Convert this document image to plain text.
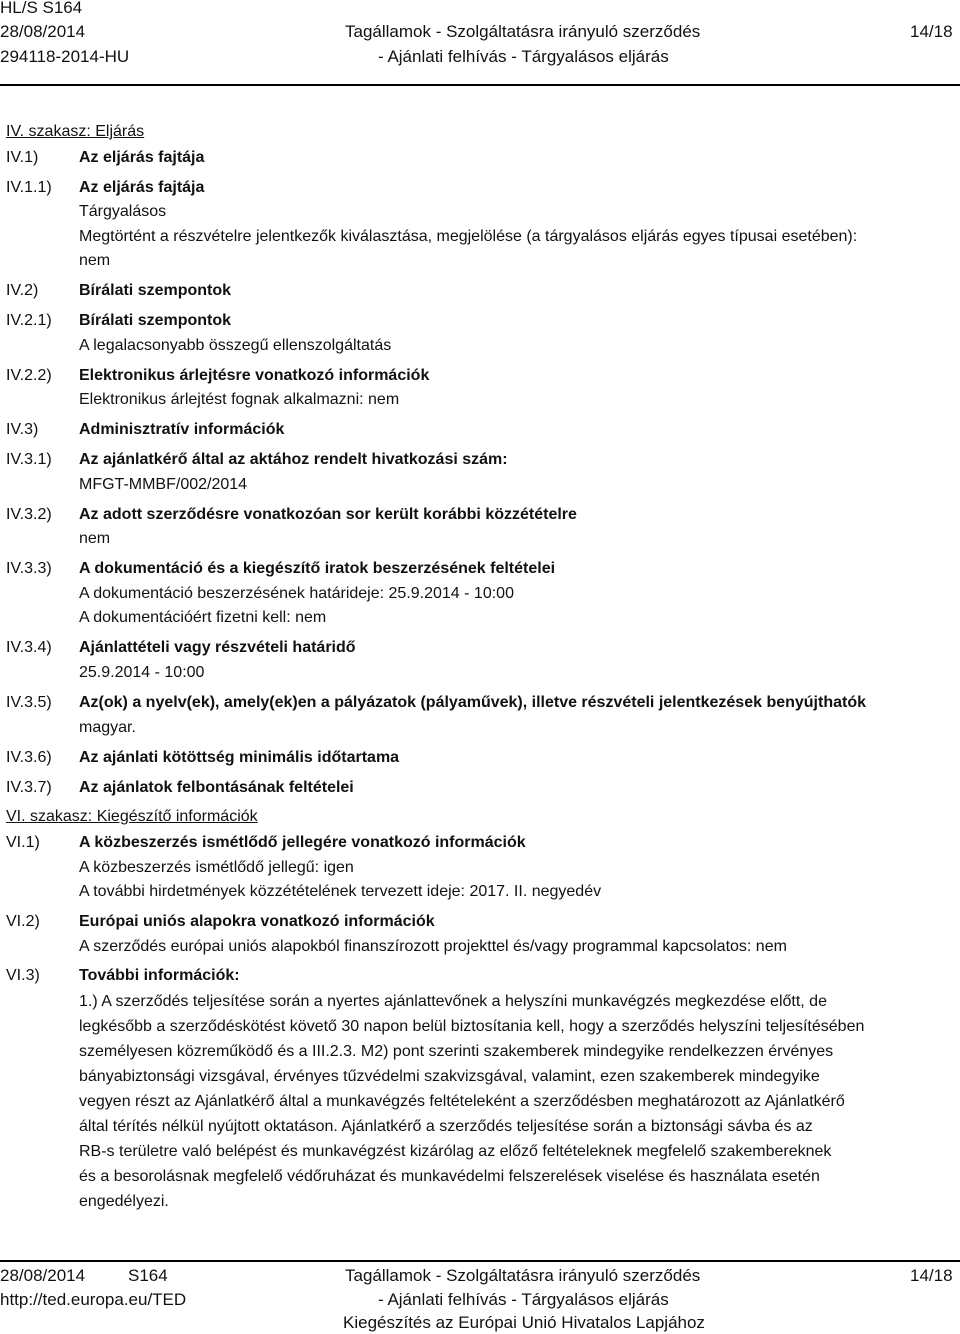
HL/S S164
28/08/2014
294118-2014-HU
Tagállamok - Szolgáltatásra irányuló szerződés
- Ajánlati felhívás - Tárgyalásos eljárás
14/18
IV. szakasz: Eljárás
IV.1)	Az eljárás fajtája
IV.1.1) Az eljárás fajtája
Tárgyalásos
Megtörtént a részvételre jelentkezők kiválasztása, megjelölése (a tárgyalásos eljárás egyes típusai esetében):
nem
IV.2)	Bírálati szempontok
IV.2.1) Bírálati szempontok
A legalacsonyabb összegű ellenszolgáltatás
IV.2.2) Elektronikus árlejtésre vonatkozó információk
Elektronikus árlejtést fognak alkalmazni: nem
IV.3)	Adminisztratív információk
IV.3.1) Az ajánlatkérő által az aktához rendelt hivatkozási szám:
MFGT-MMBF/002/2014
IV.3.2) Az adott szerződésre vonatkozóan sor került korábbi közzétételre
nem
IV.3.3) A dokumentáció és a kiegészítő iratok beszerzésének feltételei
A dokumentáció beszerzésének határideje: 25.9.2014 - 10:00
A dokumentációért fizetni kell: nem
IV.3.4) Ajánlattételi vagy részvételi határidő
25.9.2014 - 10:00
IV.3.5) Az(ok) a nyelv(ek), amely(ek)en a pályázatok (pályaművek), illetve részvételi jelentkezések benyújthatók
magyar.
IV.3.6) Az ajánlati kötöttség minimális időtartama
IV.3.7) Az ajánlatok felbontásának feltételei
VI. szakasz: Kiegészítő információk
VI.1) A közbeszerzés ismétlődő jellegére vonatkozó információk
A közbeszerzés ismétlődő jellegű: igen
A további hirdetmények közzétételének tervezett ideje: 2017. II. negyedév
VI.2) Európai uniós alapokra vonatkozó információk
A szerződés európai uniós alapokból finanszírozott projekttel és/vagy programmal kapcsolatos: nem
VI.3) További információk:
1.) A szerződés teljesítése során a nyertes ajánlattevőnek a helyszíni munkavégzés megkezdése előtt, de
legkésőbb a szerződéskötést követő 30 napon belül biztosítania kell, hogy a szerződés helyszíni teljesítésében
személyesen közreműködő és a III.2.3. M2) pont szerinti szakemberek mindegyike rendelkezzen érvényes
bányabiztonsági vizsgával, érvényes tűzvédelmi szakvizsgával, valamint, ezen szakemberek mindegyike
vegyen részt az Ajánlatkérő által a munkavégzés feltételeként a szerződésben meghatározott az Ajánlatkérő
által térítés nélkül nyújtott oktatáson. Ajánlatkérő a szerződés teljesítése során a biztonsági sávba és az
RB-s területre való belépést és munkavégzést kizárólag az előző feltételeknek megfelelő szakembereknek
és a besorolásnak megfelelő védőruházat és munkavédelmi felszerelések viselése és használata esetén
engedélyezi.
28/08/2014	S164
http://ted.europa.eu/TED
Tagállamok - Szolgáltatásra irányuló szerződés
- Ajánlati felhívás - Tárgyalásos eljárás
Kiegészítés az Európai Unió Hivatalos Lapjához
14/18
